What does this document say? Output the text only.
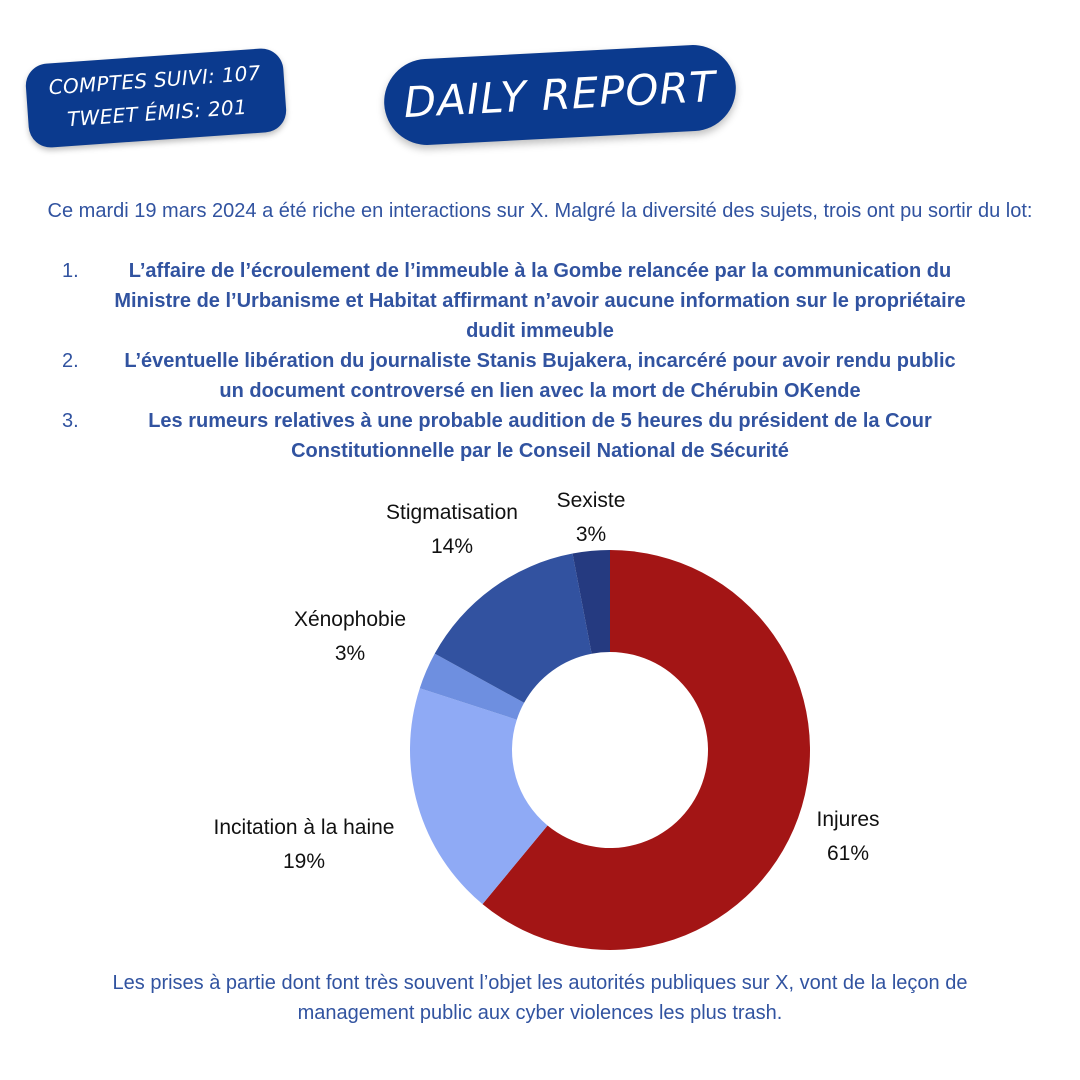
COMPTES SUIVI: 107
TWEET ÉMIS: 201	DAILY REPORT
Ce mardi 19 mars 2024 a été riche en interactions sur X. Malgré la diversité des sujets, trois ont pu sortir du lot:
1.	L’affaire de l’écroulement de l’immeuble à la Gombe relancée par la communication du Ministre de l’Urbanisme et Habitat affirmant n’avoir aucune information sur le propriétaire dudit immeuble
2. L’éventuelle libération du journaliste Stanis Bujakera, incarcéré pour avoir rendu public un document controversé en lien avec la mort de Chérubin OKende
3.	Les rumeurs relatives à une probable audition de 5 heures du président de la Cour Constitutionnelle par le Conseil National de Sécurité
Injures
61%
Incitation à la haine
19%
Xénophobie
3%
Stigmatisation
14%
Sexiste
3%
Les prises à partie dont font très souvent l’objet les autorités publiques sur X, vont de la leçon de management public aux cyber violences les plus trash.
